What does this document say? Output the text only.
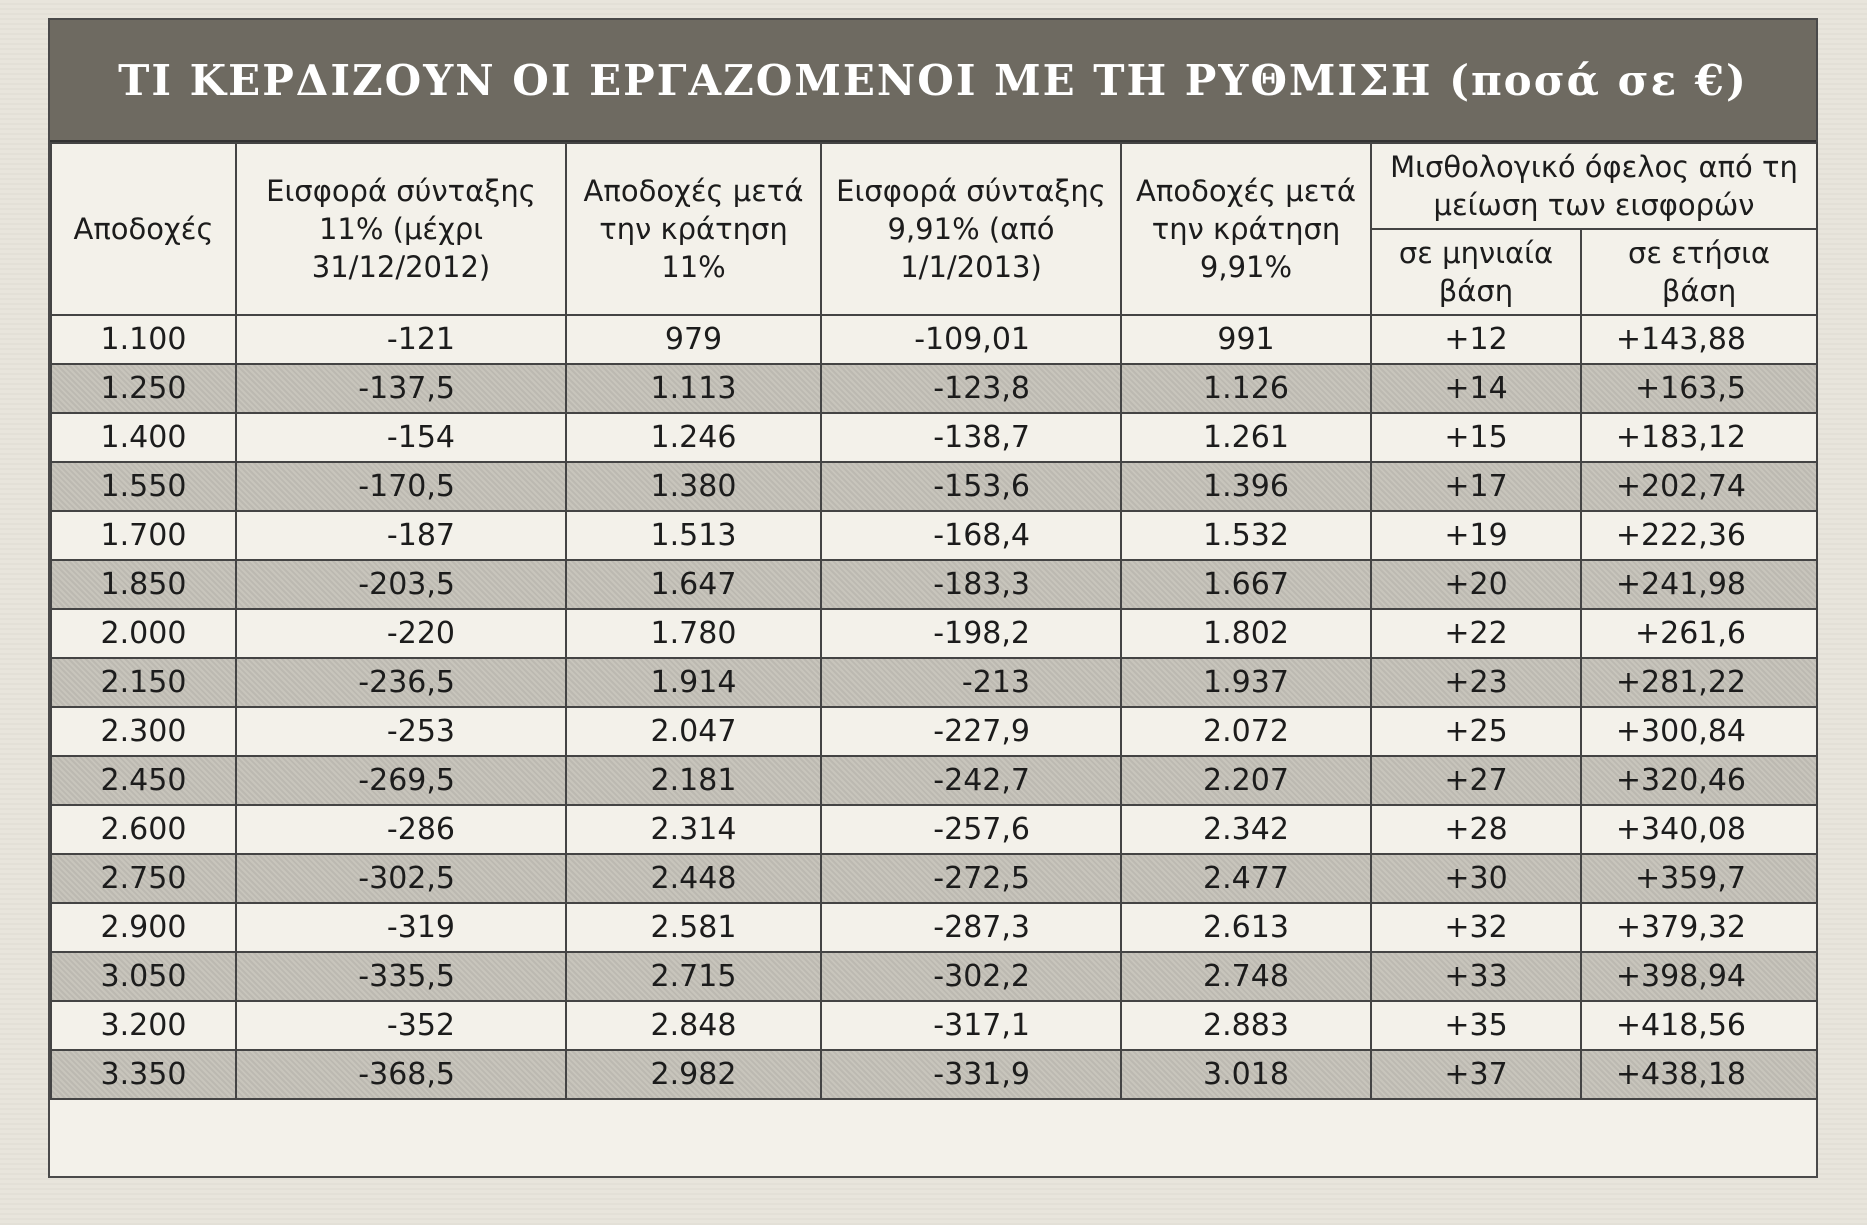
ΤΙ ΚΕΡΔΙΖΟΥΝ ΟΙ ΕΡΓΑΖΟΜΕΝΟΙ ΜΕ ΤΗ ΡΥΘΜΙΣΗ (ποσά σε €)
Αποδοχές	Εισφορά σύνταξης 11% (μέχρι 31/12/2012)	Αποδοχές μετά την κράτηση 11%	Εισφορά σύνταξης 9,91% (από 1/1/2013)	Αποδοχές μετά την κράτηση 9,91%	Μισθολογικό όφελος από τη μείωση των εισφορών	
					σε μηνιαία βάση	σε ετήσια βάση
1.100	-121	979	-109,01	991	+12	+143,88
1.250	-137,5	1.113	-123,8	1.126	+14	+163,5
1.400	-154	1.246	-138,7	1.261	+15	+183,12
1.550	-170,5	1.380	-153,6	1.396	+17	+202,74
1.700	-187	1.513	-168,4	1.532	+19	+222,36
1.850	-203,5	1.647	-183,3	1.667	+20	+241,98
2.000	-220	1.780	-198,2	1.802	+22	+261,6
2.150	-236,5	1.914	-213	1.937	+23	+281,22
2.300	-253	2.047	-227,9	2.072	+25	+300,84
2.450	-269,5	2.181	-242,7	2.207	+27	+320,46
2.600	-286	2.314	-257,6	2.342	+28	+340,08
2.750	-302,5	2.448	-272,5	2.477	+30	+359,7
2.900	-319	2.581	-287,3	2.613	+32	+379,32
3.050	-335,5	2.715	-302,2	2.748	+33	+398,94
3.200	-352	2.848	-317,1	2.883	+35	+418,56
3.350	-368,5	2.982	-331,9	3.018	+37	+438,18
